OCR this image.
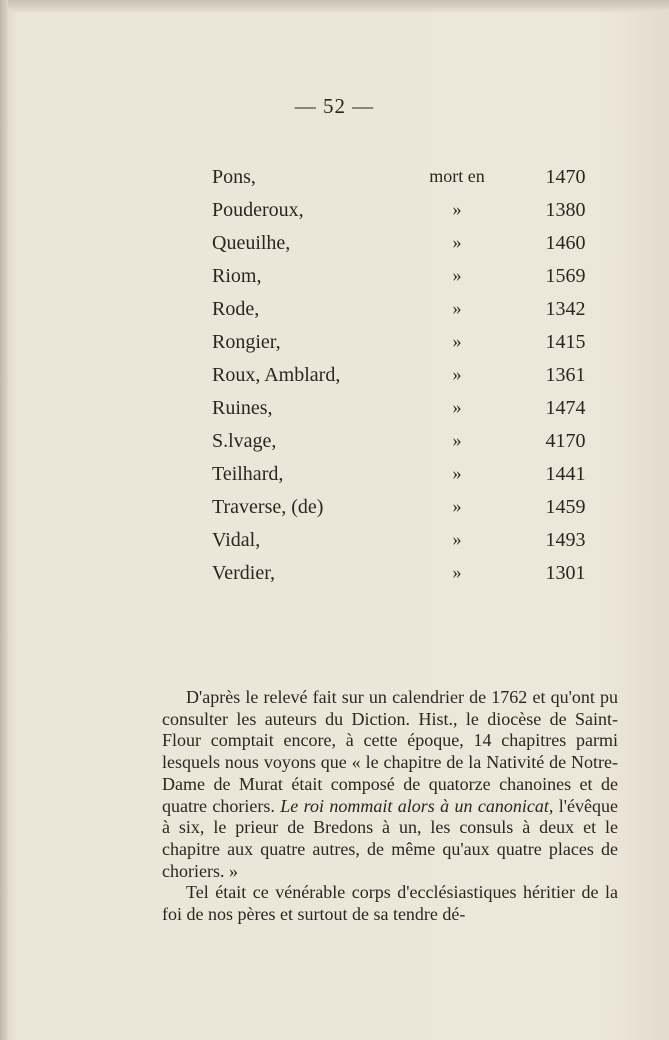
— 52 —
Pons,	mort en	1470
Pouderoux,	»	1380
Queuilhe,	»	1460
Riom,	»	1569
Rode,	»	1342
Rongier,	»	1415
Roux, Amblard,	»	1361
Ruines,	»	1474
S.lvage,	»	4170
Teilhard,	»	1441
Traverse, (de)	»	1459
Vidal,	»	1493
Verdier,	»	1301

D'après le relevé fait sur un calendrier de 1762 et qu'ont pu consulter les auteurs du Diction. Hist., le diocèse de Saint-Flour comptait encore, à cette époque, 14 chapitres parmi lesquels nous voyons que « le chapitre de la Nativité de Notre-Dame de Murat était composé de quatorze chanoines et de quatre choriers. Le roi nommait alors à un canonicat, l'évêque à six, le prieur de Bredons à un, les consuls à deux et le chapitre aux quatre autres, de même qu'aux quatre places de choriers. »

Tel était ce vénérable corps d'ecclésiastiques héritier de la foi de nos pères et surtout de sa tendre dé-
